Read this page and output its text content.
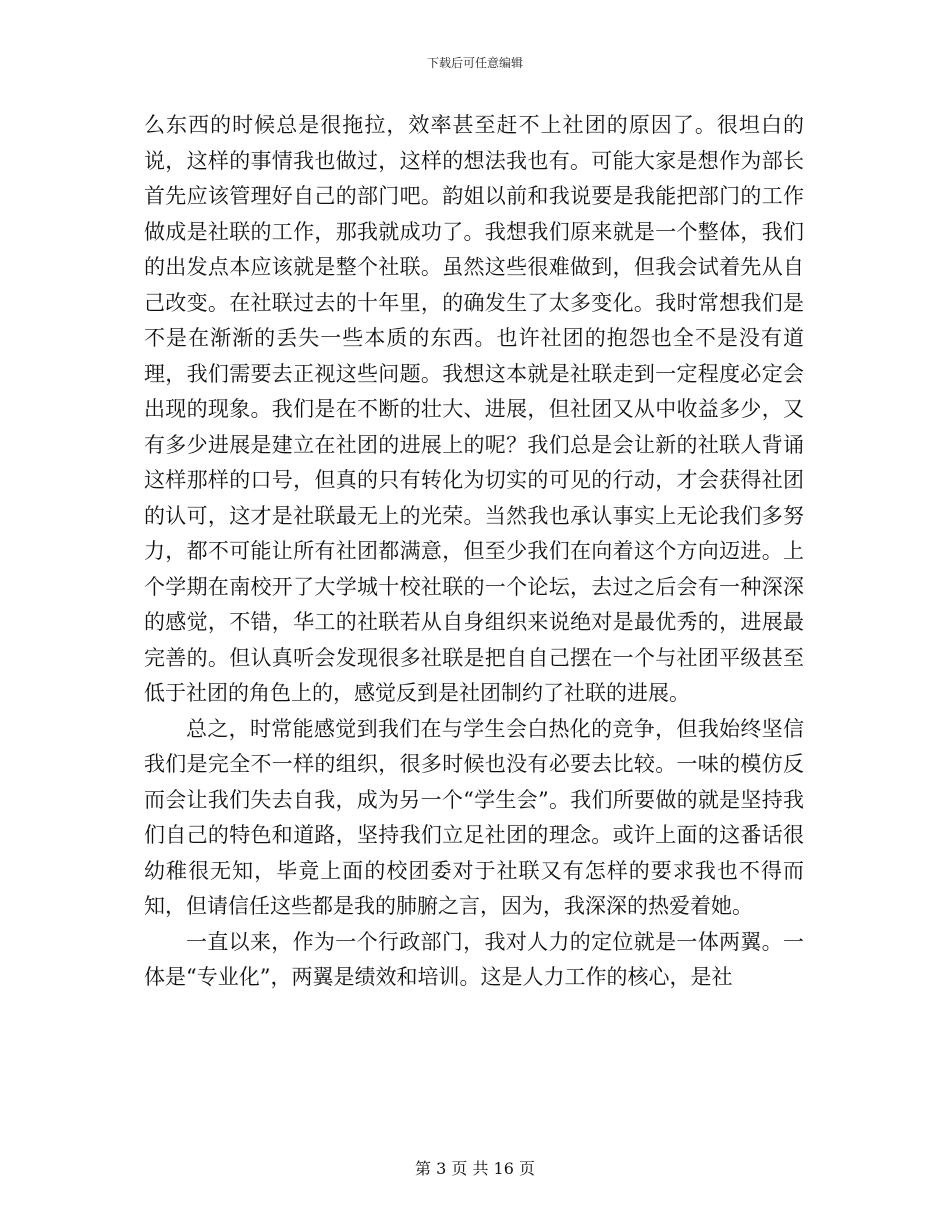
下载后可任意编辑

么东西的时候总是很拖拉，效率甚至赶不上社团的原因了。很坦白的说，这样的事情我也做过，这样的想法我也有。可能大家是想作为部长首先应该管理好自己的部门吧。韵姐以前和我说要是我能把部门的工作做成是社联的工作，那我就成功了。我想我们原来就是一个整体，我们的出发点本应该就是整个社联。虽然这些很难做到，但我会试着先从自己改变。在社联过去的十年里，的确发生了太多变化。我时常想我们是不是在渐渐的丢失一些本质的东西。也许社团的抱怨也全不是没有道理，我们需要去正视这些问题。我想这本就是社联走到一定程度必定会出现的现象。我们是在不断的壮大、进展，但社团又从中收益多少，又有多少进展是建立在社团的进展上的呢？我们总是会让新的社联人背诵这样那样的口号，但真的只有转化为切实的可见的行动，才会获得社团的认可，这才是社联最无上的光荣。当然我也承认事实上无论我们多努力，都不可能让所有社团都满意，但至少我们在向着这个方向迈进。上个学期在南校开了大学城十校社联的一个论坛，去过之后会有一种深深的感觉，不错，华工的社联若从自身组织来说绝对是最优秀的，进展最完善的。但认真听会发现很多社联是把自自己摆在一个与社团平级甚至低于社团的角色上的，感觉反到是社团制约了社联的进展。

总之，时常能感觉到我们在与学生会白热化的竞争，但我始终坚信我们是完全不一样的组织，很多时候也没有必要去比较。一味的模仿反而会让我们失去自我，成为另一个“学生会”。我们所要做的就是坚持我们自己的特色和道路，坚持我们立足社团的理念。或许上面的这番话很幼稚很无知，毕竟上面的校团委对于社联又有怎样的要求我也不得而知，但请信任这些都是我的肺腑之言，因为，我深深的热爱着她。

一直以来，作为一个行政部门，我对人力的定位就是一体两翼。一体是“专业化”，两翼是绩效和培训。这是人力工作的核心，是社

第 3 页 共 16 页
